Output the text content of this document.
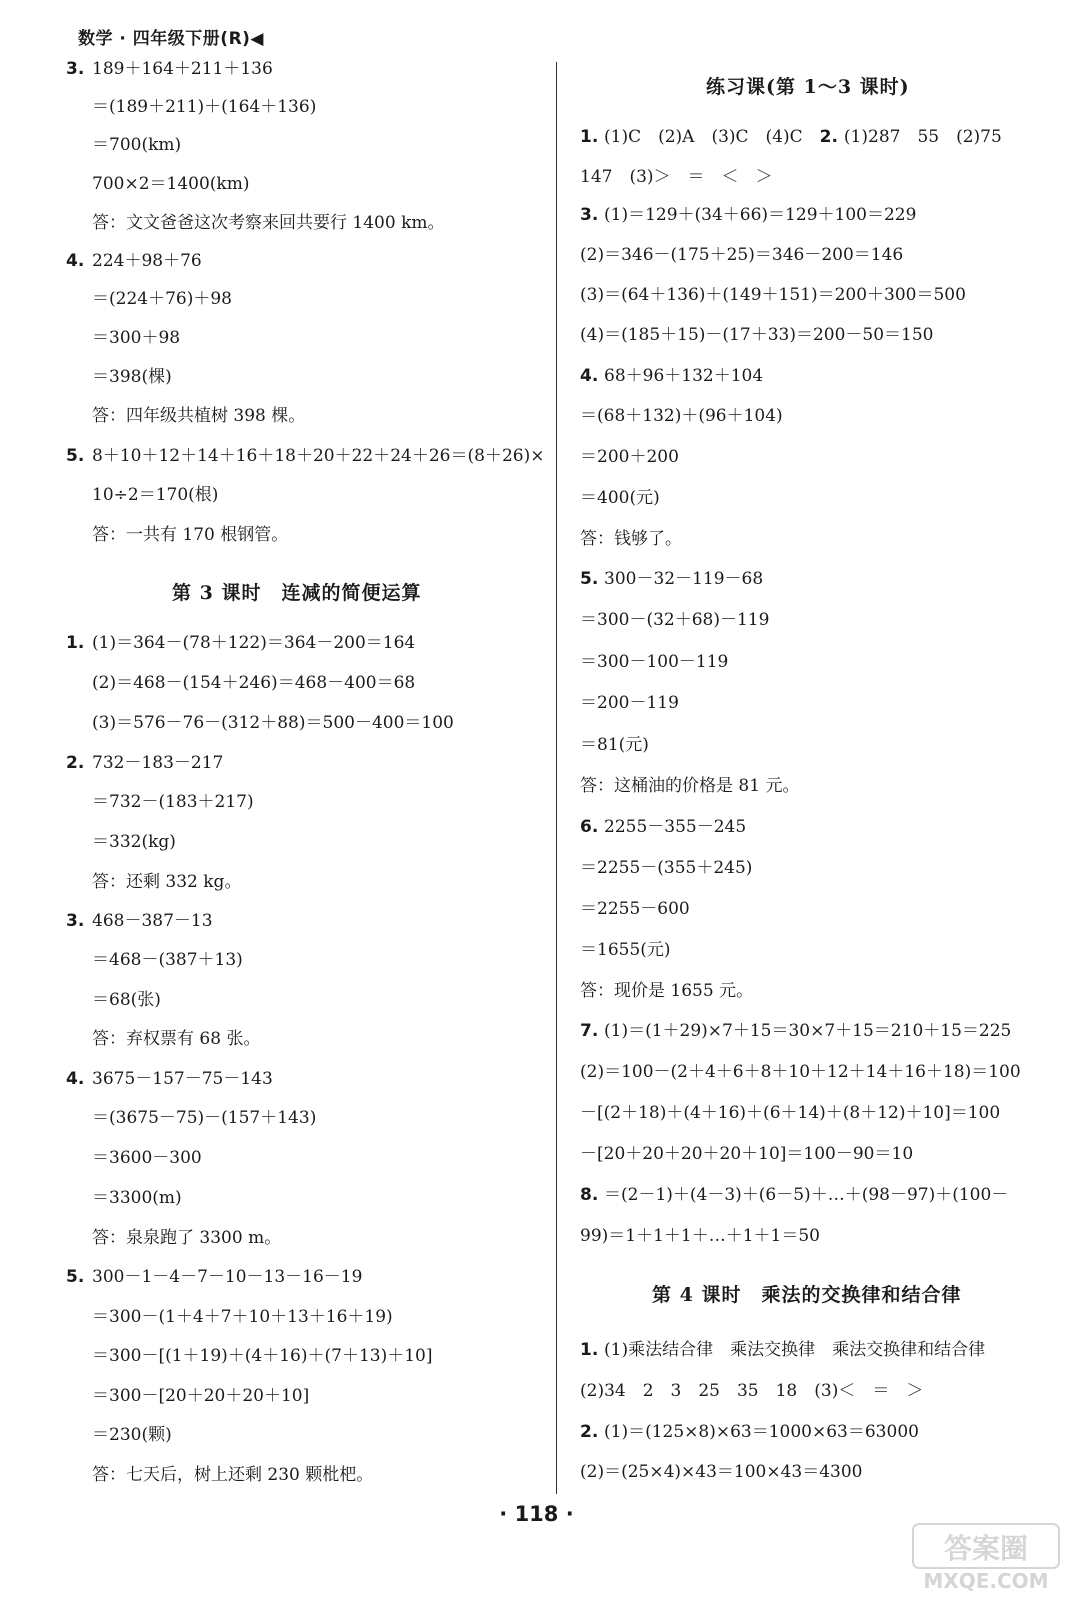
数学 · 四年级下册(R)◀
3. 189＋164＋211＋136
＝(189＋211)＋(164＋136)
＝700(km)
700×2＝1400(km)
答：文文爸爸这次考察来回共要行 1400 km。
4. 224＋98＋76
＝(224＋76)＋98
＝300＋98
＝398(棵)
答：四年级共植树 398 棵。
5. 8＋10＋12＋14＋16＋18＋20＋22＋24＋26＝(8＋26)×
10÷2＝170(根)
答：一共有 170 根钢管。
第 3 课时　连减的简便运算
1. (1)＝364－(78＋122)＝364－200＝164
(2)＝468－(154＋246)＝468－400＝68
(3)＝576－76－(312＋88)＝500－400＝100
2. 732－183－217
＝732－(183＋217)
＝332(kg)
答：还剩 332 kg。
3. 468－387－13
＝468－(387＋13)
＝68(张)
答：弃权票有 68 张。
4. 3675－157－75－143
＝(3675－75)－(157＋143)
＝3600－300
＝3300(m)
答：泉泉跑了 3300 m。
5. 300－1－4－7－10－13－16－19
＝300－(1＋4＋7＋10＋13＋16＋19)
＝300－[(1＋19)＋(4＋16)＋(7＋13)＋10]
＝300－[20＋20＋20＋10]
＝230(颗)
答：七天后，树上还剩 230 颗枇杷。
练习课(第 1～3 课时)
1. (1)C　(2)A　(3)C　(4)C　2. (1)287　55　(2)75
147　(3)＞　＝　＜　＞
3. (1)＝129＋(34＋66)＝129＋100＝229
(2)＝346－(175＋25)＝346－200＝146
(3)＝(64＋136)＋(149＋151)＝200＋300＝500
(4)＝(185＋15)－(17＋33)＝200－50＝150
4. 68＋96＋132＋104
＝(68＋132)＋(96＋104)
＝200＋200
＝400(元)
答：钱够了。
5. 300－32－119－68
＝300－(32＋68)－119
＝300－100－119
＝200－119
＝81(元)
答：这桶油的价格是 81 元。
6. 2255－355－245
＝2255－(355＋245)
＝2255－600
＝1655(元)
答：现价是 1655 元。
7. (1)＝(1＋29)×7＋15＝30×7＋15＝210＋15＝225
(2)＝100－(2＋4＋6＋8＋10＋12＋14＋16＋18)＝100
－[(2＋18)＋(4＋16)＋(6＋14)＋(8＋12)＋10]＝100
－[20＋20＋20＋20＋10]＝100－90＝10
8. ＝(2－1)＋(4－3)＋(6－5)＋…＋(98－97)＋(100－
99)＝1＋1＋1＋…＋1＋1＝50
第 4 课时　乘法的交换律和结合律
1. (1)乘法结合律　乘法交换律　乘法交换律和结合律
(2)34　2　3　25　35　18　(3)＜　＝　＞
2. (1)＝(125×8)×63＝1000×63＝63000
(2)＝(25×4)×43＝100×43＝4300
· 118 ·
答案圈
MXQE.COM
